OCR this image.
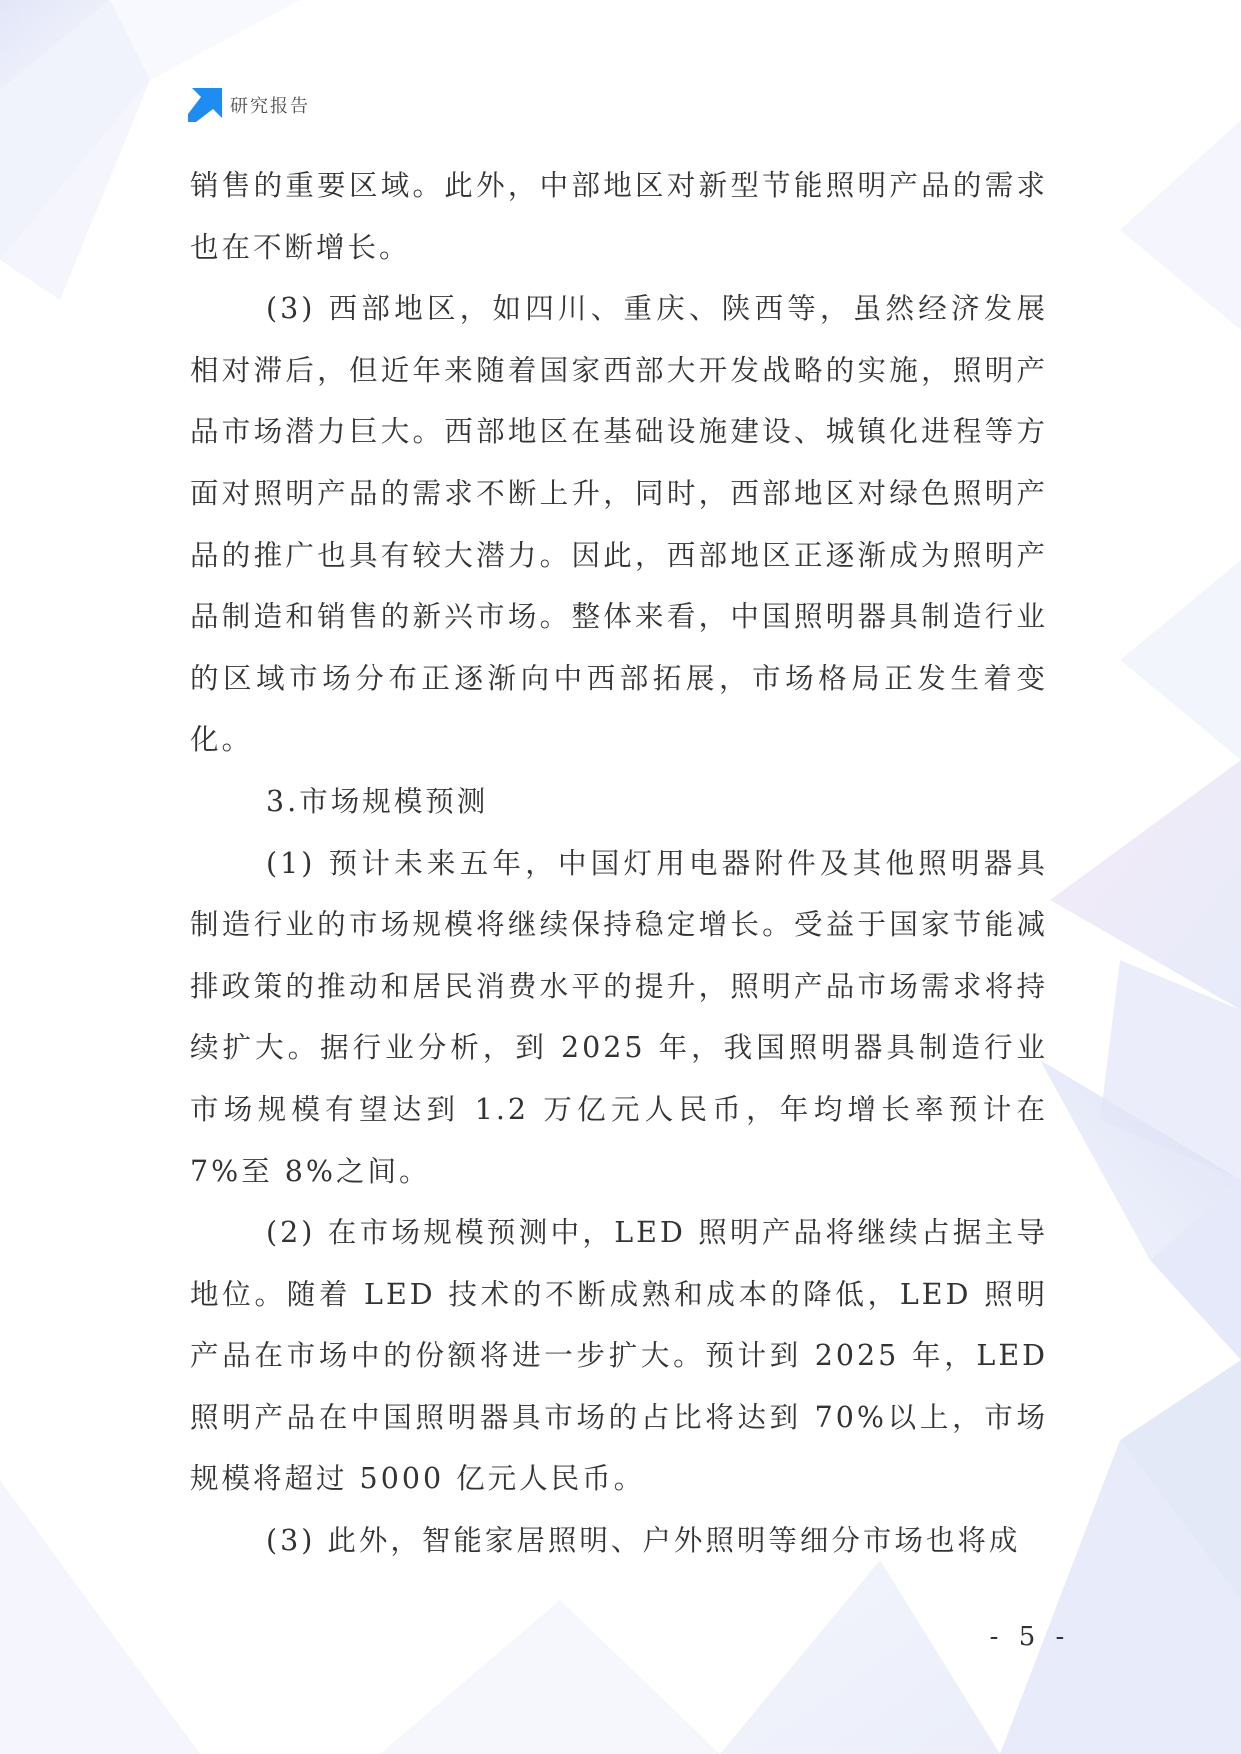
研究报告

销售的重要区域。此外，中部地区对新型节能照明产品的需求也在不断增长。

(3) 西部地区，如四川、重庆、陕西等，虽然经济发展相对滞后，但近年来随着国家西部大开发战略的实施，照明产品市场潜力巨大。西部地区在基础设施建设、城镇化进程等方面对照明产品的需求不断上升，同时，西部地区对绿色照明产品的推广也具有较大潜力。因此，西部地区正逐渐成为照明产品制造和销售的新兴市场。整体来看，中国照明器具制造行业的区域市场分布正逐渐向中西部拓展，市场格局正发生着变化。

3.市场规模预测

(1) 预计未来五年，中国灯用电器附件及其他照明器具制造行业的市场规模将继续保持稳定增长。受益于国家节能减排政策的推动和居民消费水平的提升，照明产品市场需求将持续扩大。据行业分析，到 2025 年，我国照明器具制造行业市场规模有望达到 1.2 万亿元人民币，年均增长率预计在 7%至 8%之间。

(2) 在市场规模预测中，LED 照明产品将继续占据主导地位。随着 LED 技术的不断成熟和成本的降低，LED 照明产品在市场中的份额将进一步扩大。预计到 2025 年，LED 照明产品在中国照明器具市场的占比将达到 70%以上，市场规模将超过 5000 亿元人民币。

(3) 此外，智能家居照明、户外照明等细分市场也将成

- 5 -
